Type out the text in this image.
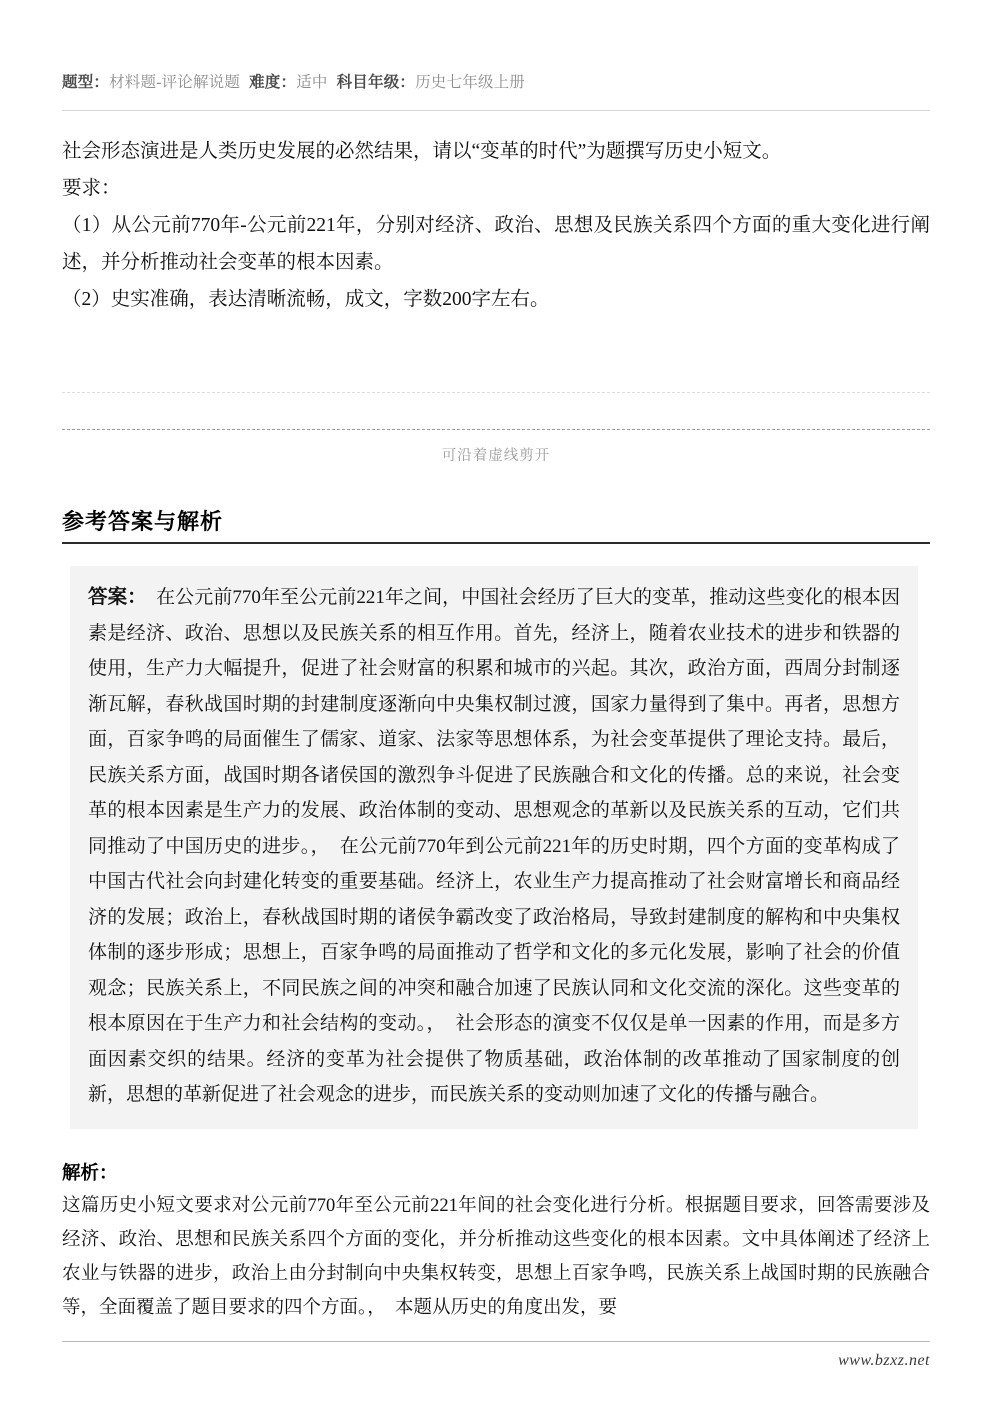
题型：材料题-评论解说题 难度：适中 科目年级：历史七年级上册
社会形态演进是人类历史发展的必然结果，请以“变革的时代”为题撰写历史小短文。
要求：
（1）从公元前770年-公元前221年，分别对经济、政治、思想及民族关系四个方面的重大变化进行阐述，并分析推动社会变革的根本因素。
（2）史实准确，表达清晰流畅，成文，字数200字左右。
可沿着虚线剪开
参考答案与解析
答案：　在公元前770年至公元前221年之间，中国社会经历了巨大的变革，推动这些变化的根本因素是经济、政治、思想以及民族关系的相互作用。首先，经济上，随着农业技术的进步和铁器的使用，生产力大幅提升，促进了社会财富的积累和城市的兴起。其次，政治方面，西周分封制逐渐瓦解，春秋战国时期的封建制度逐渐向中央集权制过渡，国家力量得到了集中。再者，思想方面，百家争鸣的局面催生了儒家、道家、法家等思想体系，为社会变革提供了理论支持。最后，民族关系方面，战国时期各诸侯国的激烈争斗促进了民族融合和文化的传播。总的来说，社会变革的根本因素是生产力的发展、政治体制的变动、思想观念的革新以及民族关系的互动，它们共同推动了中国历史的进步。，　在公元前770年到公元前221年的历史时期，四个方面的变革构成了中国古代社会向封建化转变的重要基础。经济上，农业生产力提高推动了社会财富增长和商品经济的发展；政治上，春秋战国时期的诸侯争霸改变了政治格局，导致封建制度的解构和中央集权体制的逐步形成；思想上，百家争鸣的局面推动了哲学和文化的多元化发展，影响了社会的价值观念；民族关系上，不同民族之间的冲突和融合加速了民族认同和文化交流的深化。这些变革的根本原因在于生产力和社会结构的变动。，　社会形态的演变不仅仅是单一因素的作用，而是多方面因素交织的结果。经济的变革为社会提供了物质基础，政治体制的改革推动了国家制度的创新，思想的革新促进了社会观念的进步，而民族关系的变动则加速了文化的传播与融合。
解析：
这篇历史小短文要求对公元前770年至公元前221年间的社会变化进行分析。根据题目要求，回答需要涉及经济、政治、思想和民族关系四个方面的变化，并分析推动这些变化的根本因素。文中具体阐述了经济上农业与铁器的进步，政治上由分封制向中央集权转变，思想上百家争鸣，民族关系上战国时期的民族融合等，全面覆盖了题目要求的四个方面。，　本题从历史的角度出发，要
www.bzxz.net
